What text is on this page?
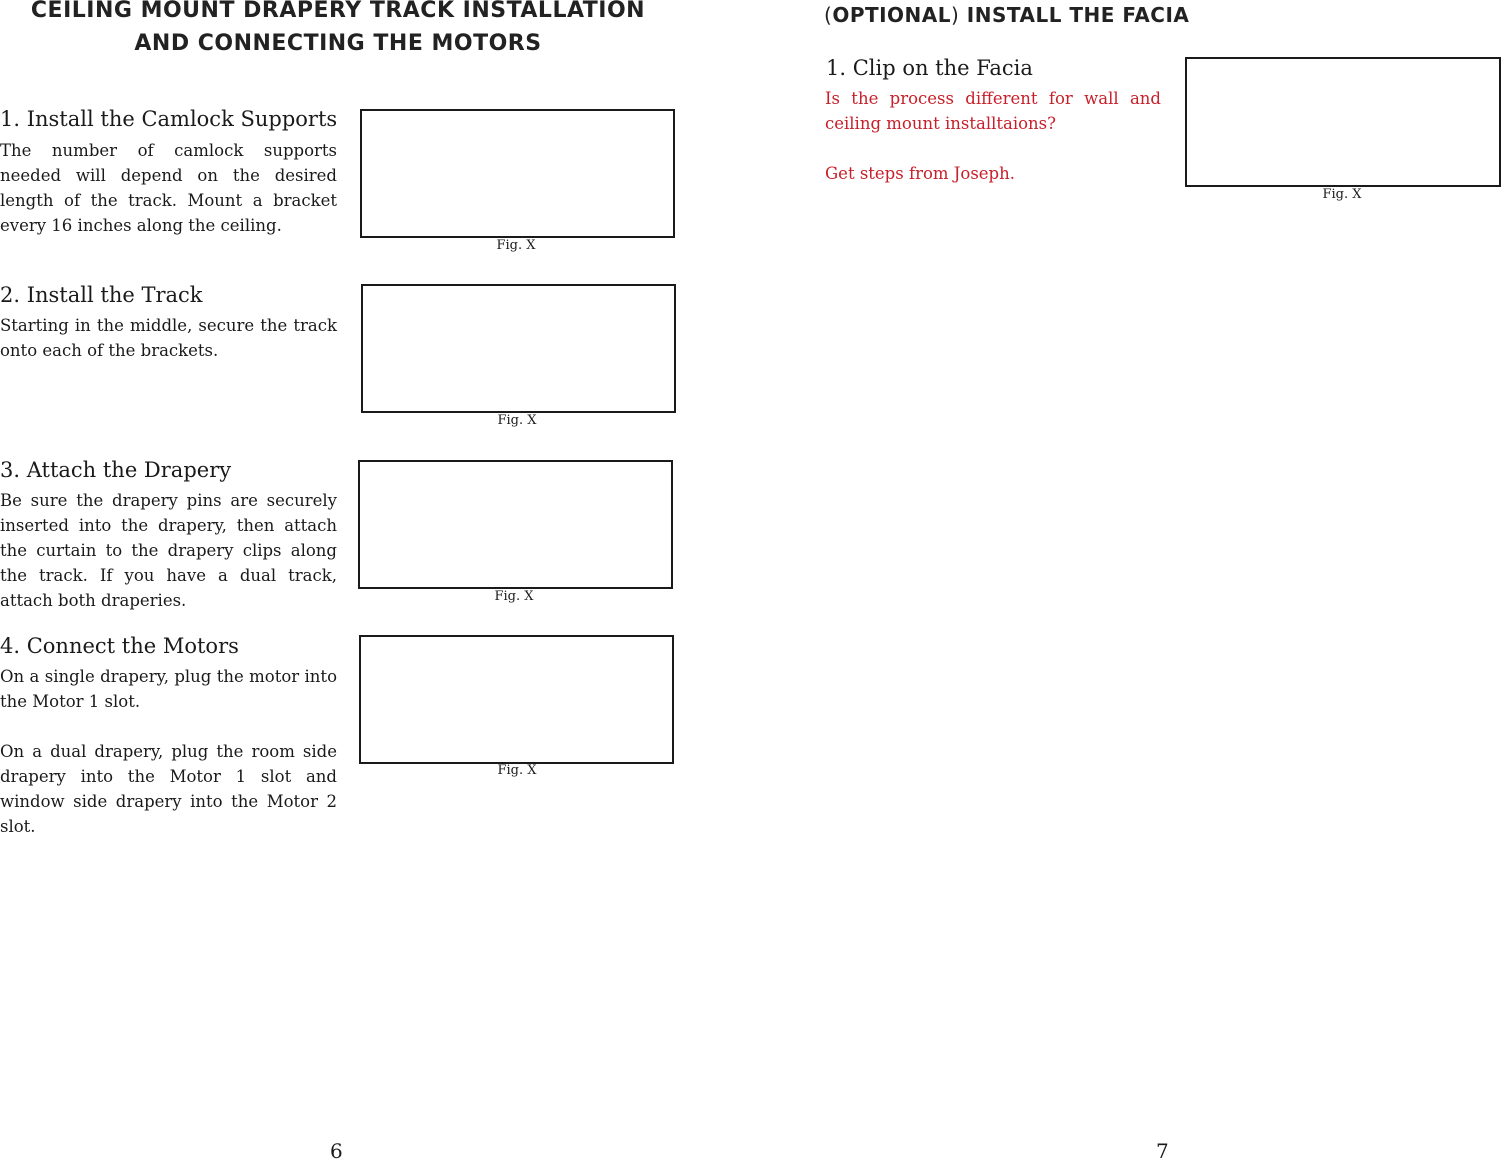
CEILING MOUNT DRAPERY TRACK INSTALLATION AND CONNECTING THE MOTORS
1. Install the Camlock Supports

The number of camlock supports needed will depend on the desired length of the track. Mount a bracket every 16 inches along the ceiling.

Fig. X
2. Install the Track

Starting in the middle, secure the track onto each of the brackets.

Fig. X
3. Attach the Drapery

Be sure the drapery pins are securely inserted into the drapery, then attach the curtain to the drapery clips along the track. If you have a dual track, attach both draperies.	Fig. X
4. Connect the Motors

On a single drapery, plug the motor into the Motor 1 slot.

On a dual drapery, plug the room side drapery into the Motor 1 slot and window side drapery into the Motor 2 slot.

Fig. X
6
(OPTIONAL) INSTALL THE FACIA
1. Clip on the Facia

Is the process different for wall and ceiling mount installtaions?

Get steps from Joseph.

Fig. X
7
